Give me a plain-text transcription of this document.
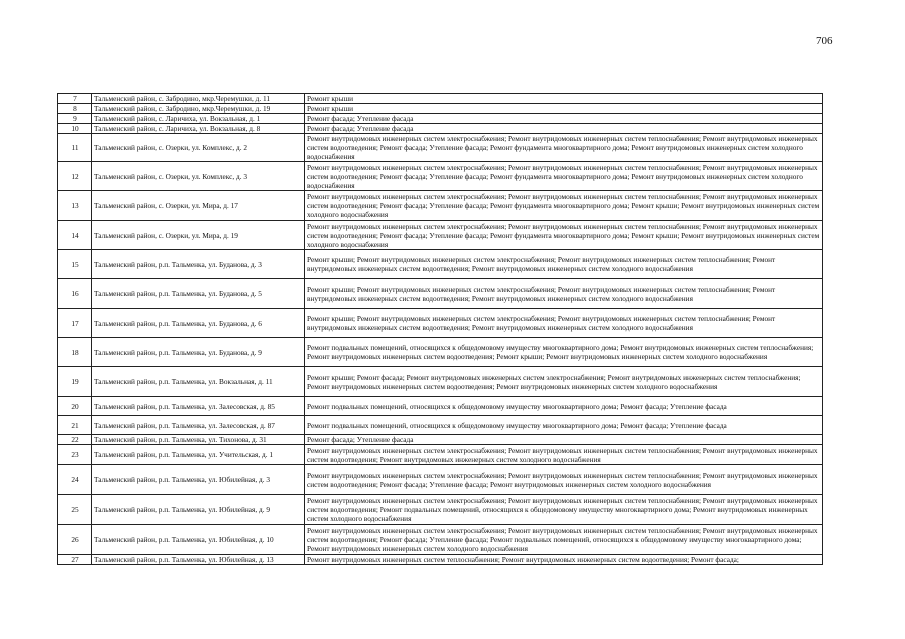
706
7	Тальменский район, с. Забродино, мкр.Черемушки, д. 11	Ремонт крыши
8	Тальменский район, с. Забродино, мкр.Черемушки, д. 19	Ремонт крыши
9	Тальменский район, с. Ларичиха, ул. Вокзальная, д. 1	Ремонт фасада; Утепление фасада
10	Тальменский район, с. Ларичиха, ул. Вокзальная, д. 8	Ремонт фасада; Утепление фасада
11	Тальменский район, с. Озерки, ул. Комплекс, д. 2	Ремонт внутридомовых инженерных систем электроснабжения; Ремонт внутридомовых инженерных систем теплоснабжения; Ремонт внутридомовых инженерных систем водоотведения; Ремонт фасада; Утепление фасада; Ремонт фундамента многоквартирного дома; Ремонт внутридомовых инженерных систем холодного водоснабжения
12	Тальменский район, с. Озерки, ул. Комплекс, д. 3	Ремонт внутридомовых инженерных систем электроснабжения; Ремонт внутридомовых инженерных систем теплоснабжения; Ремонт внутридомовых инженерных систем водоотведения; Ремонт фасада; Утепление фасада; Ремонт фундамента многоквартирного дома; Ремонт внутридомовых инженерных систем холодного водоснабжения
13	Тальменский район, с. Озерки, ул. Мира, д. 17	Ремонт внутридомовых инженерных систем электроснабжения; Ремонт внутридомовых инженерных систем теплоснабжения; Ремонт внутридомовых инженерных систем водоотведения; Ремонт фасада; Утепление фасада; Ремонт фундамента многоквартирного дома; Ремонт крыши; Ремонт внутридомовых инженерных систем холодного водоснабжения
14	Тальменский район, с. Озерки, ул. Мира, д. 19	Ремонт внутридомовых инженерных систем электроснабжения; Ремонт внутридомовых инженерных систем теплоснабжения; Ремонт внутридомовых инженерных систем водоотведения; Ремонт фасада; Утепление фасада; Ремонт фундамента многоквартирного дома; Ремонт крыши; Ремонт внутридомовых инженерных систем холодного водоснабжения
15	Тальменский район, р.п. Тальменка, ул. Буданова, д. 3	Ремонт крыши; Ремонт внутридомовых инженерных систем электроснабжения; Ремонт внутридомовых инженерных систем теплоснабжения; Ремонт внутридомовых инженерных систем водоотведения; Ремонт внутридомовых инженерных систем холодного водоснабжения
16	Тальменский район, р.п. Тальменка, ул. Буданова, д. 5	Ремонт крыши; Ремонт внутридомовых инженерных систем электроснабжения; Ремонт внутридомовых инженерных систем теплоснабжения; Ремонт внутридомовых инженерных систем водоотведения; Ремонт внутридомовых инженерных систем холодного водоснабжения
17	Тальменский район, р.п. Тальменка, ул. Буданова, д. 6	Ремонт крыши; Ремонт внутридомовых инженерных систем электроснабжения; Ремонт внутридомовых инженерных систем теплоснабжения; Ремонт внутридомовых инженерных систем водоотведения; Ремонт внутридомовых инженерных систем холодного водоснабжения
18	Тальменский район, р.п. Тальменка, ул. Буданова, д. 9	Ремонт подвальных помещений, относящихся к общедомовому имуществу многоквартирного дома; Ремонт внутридомовых инженерных систем теплоснабжения; Ремонт внутридомовых инженерных систем водоотведения; Ремонт крыши; Ремонт внутридомовых инженерных систем холодного водоснабжения
19	Тальменский район, р.п. Тальменка, ул. Вокзальная, д. 11	Ремонт крыши; Ремонт фасада; Ремонт внутридомовых инженерных систем электроснабжения; Ремонт внутридомовых инженерных систем теплоснабжения; Ремонт внутридомовых инженерных систем водоотведения; Ремонт внутридомовых инженерных систем холодного водоснабжения
20	Тальменский район, р.п. Тальменка, ул. Залесовская, д. 85	Ремонт подвальных помещений, относящихся к общедомовому имуществу многоквартирного дома; Ремонт фасада; Утепление фасада
21	Тальменский район, р.п. Тальменка, ул. Залесовская, д. 87	Ремонт подвальных помещений, относящихся к общедомовому имуществу многоквартирного дома; Ремонт фасада; Утепление фасада
22	Тальменский район, р.п. Тальменка, ул. Тихонова, д. 31	Ремонт фасада; Утепление фасада
23	Тальменский район, р.п. Тальменка, ул. Учительская, д. 1	Ремонт внутридомовых инженерных систем электроснабжения; Ремонт внутридомовых инженерных систем теплоснабжения; Ремонт внутридомовых инженерных систем водоотведения; Ремонт внутридомовых инженерных систем холодного водоснабжения
24	Тальменский район, р.п. Тальменка, ул. Юбилейная, д. 3	Ремонт внутридомовых инженерных систем электроснабжения; Ремонт внутридомовых инженерных систем теплоснабжения; Ремонт внутридомовых инженерных систем водоотведения; Ремонт фасада; Утепление фасада; Ремонт внутридомовых инженерных систем холодного водоснабжения
25	Тальменский район, р.п. Тальменка, ул. Юбилейная, д. 9	Ремонт внутридомовых инженерных систем электроснабжения; Ремонт внутридомовых инженерных систем теплоснабжения; Ремонт внутридомовых инженерных систем водоотведения; Ремонт подвальных помещений, относящихся к общедомовому имуществу многоквартирного дома; Ремонт внутридомовых инженерных систем холодного водоснабжения
26	Тальменский район, р.п. Тальменка, ул. Юбилейная, д. 10	Ремонт внутридомовых инженерных систем электроснабжения; Ремонт внутридомовых инженерных систем теплоснабжения; Ремонт внутридомовых инженерных систем водоотведения; Ремонт фасада; Утепление фасада; Ремонт подвальных помещений, относящихся к общедомовому имуществу многоквартирного дома; Ремонт внутридомовых инженерных систем холодного водоснабжения
27	Тальменский район, р.п. Тальменка, ул. Юбилейная, д. 13	Ремонт внутридомовых инженерных систем теплоснабжения; Ремонт внутридомовых инженерных систем водоотведения; Ремонт фасада;
